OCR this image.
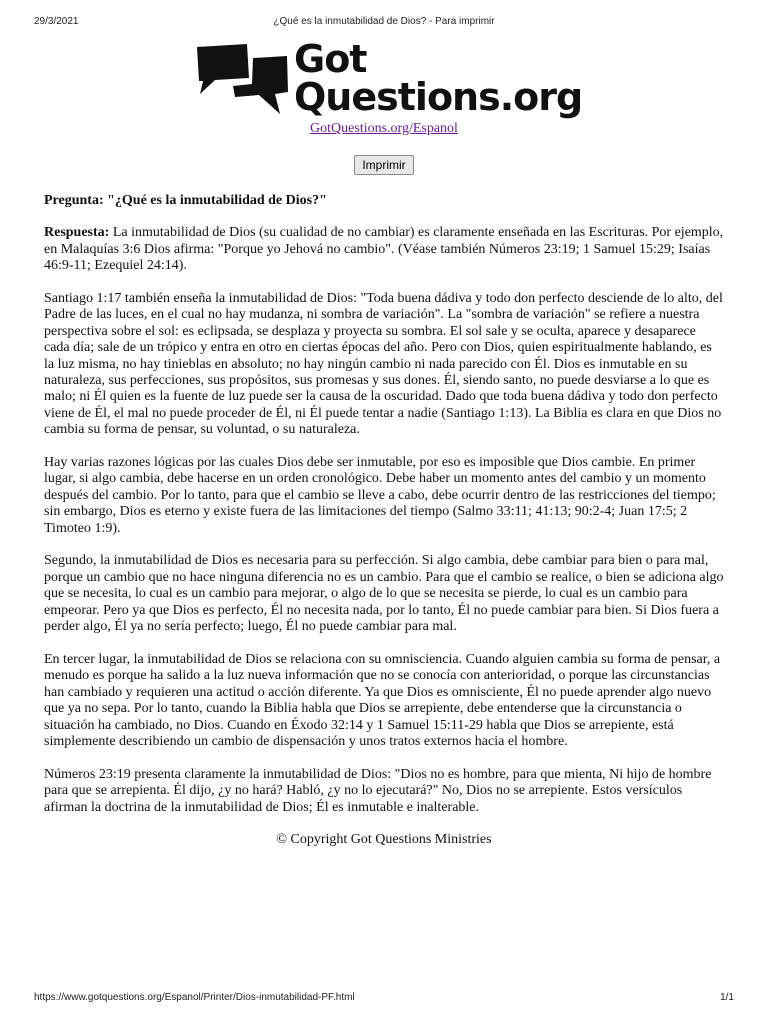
29/3/2021	¿Qué es la inmutabilidad de Dios? - Para imprimir
Got
Questions.org
GotQuestions.org/Espanol
Imprimir
Pregunta: "¿Qué es la inmutabilidad de Dios?"

Respuesta: La inmutabilidad de Dios (su cualidad de no cambiar) es claramente enseñada en las Escrituras. Por ejemplo, en Malaquías 3:6 Dios afirma: "Porque yo Jehová no cambio". (Véase también Números 23:19; 1 Samuel 15:29; Isaías 46:9-11; Ezequiel 24:14).

Santiago 1:17 también enseña la inmutabilidad de Dios: "Toda buena dádiva y todo don perfecto desciende de lo alto, del Padre de las luces, en el cual no hay mudanza, ni sombra de variación". La "sombra de variación" se refiere a nuestra perspectiva sobre el sol: es eclipsada, se desplaza y proyecta su sombra. El sol sale y se oculta, aparece y desaparece cada día; sale de un trópico y entra en otro en ciertas épocas del año. Pero con Dios, quien espiritualmente hablando, es la luz misma, no hay tinieblas en absoluto; no hay ningún cambio ni nada parecido con Él. Dios es inmutable en su naturaleza, sus perfecciones, sus propósitos, sus promesas y sus dones. Él, siendo santo, no puede desviarse a lo que es malo; ni Él quien es la fuente de luz puede ser la causa de la oscuridad. Dado que toda buena dádiva y todo don perfecto viene de Él, el mal no puede proceder de Él, ni Él puede tentar a nadie (Santiago 1:13). La Biblia es clara en que Dios no cambia su forma de pensar, su voluntad, o su naturaleza.

Hay varias razones lógicas por las cuales Dios debe ser inmutable, por eso es imposible que Dios cambie. En primer lugar, si algo cambia, debe hacerse en un orden cronológico. Debe haber un momento antes del cambio y un momento después del cambio. Por lo tanto, para que el cambio se lleve a cabo, debe ocurrir dentro de las restricciones del tiempo; sin embargo, Dios es eterno y existe fuera de las limitaciones del tiempo (Salmo 33:11; 41:13; 90:2-4; Juan 17:5; 2 Timoteo 1:9).

Segundo, la inmutabilidad de Dios es necesaria para su perfección. Si algo cambia, debe cambiar para bien o para mal, porque un cambio que no hace ninguna diferencia no es un cambio. Para que el cambio se realice, o bien se adiciona algo que se necesita, lo cual es un cambio para mejorar, o algo de lo que se necesita se pierde, lo cual es un cambio para empeorar. Pero ya que Dios es perfecto, Él no necesita nada, por lo tanto, Él no puede cambiar para bien. Si Dios fuera a perder algo, Él ya no sería perfecto; luego, Él no puede cambiar para mal.

En tercer lugar, la inmutabilidad de Dios se relaciona con su omnisciencia. Cuando alguien cambia su forma de pensar, a menudo es porque ha salido a la luz nueva información que no se conocía con anterioridad, o porque las circunstancias han cambiado y requieren una actitud o acción diferente. Ya que Dios es omnisciente, Él no puede aprender algo nuevo que ya no sepa. Por lo tanto, cuando la Biblia habla que Dios se arrepiente, debe entenderse que la circunstancia o situación ha cambiado, no Dios. Cuando en Éxodo 32:14 y 1 Samuel 15:11-29 habla que Dios se arrepiente, está simplemente describiendo un cambio de dispensación y unos tratos externos hacia el hombre.

Números 23:19 presenta claramente la inmutabilidad de Dios: "Dios no es hombre, para que mienta, Ni hijo de hombre para que se arrepienta. Él dijo, ¿y no hará? Habló, ¿y no lo ejecutará?" No, Dios no se arrepiente. Estos versículos afirman la doctrina de la inmutabilidad de Dios; Él es inmutable e inalterable.

© Copyright Got Questions Ministries
https://www.gotquestions.org/Espanol/Printer/Dios-inmutabilidad-PF.html	1/1
